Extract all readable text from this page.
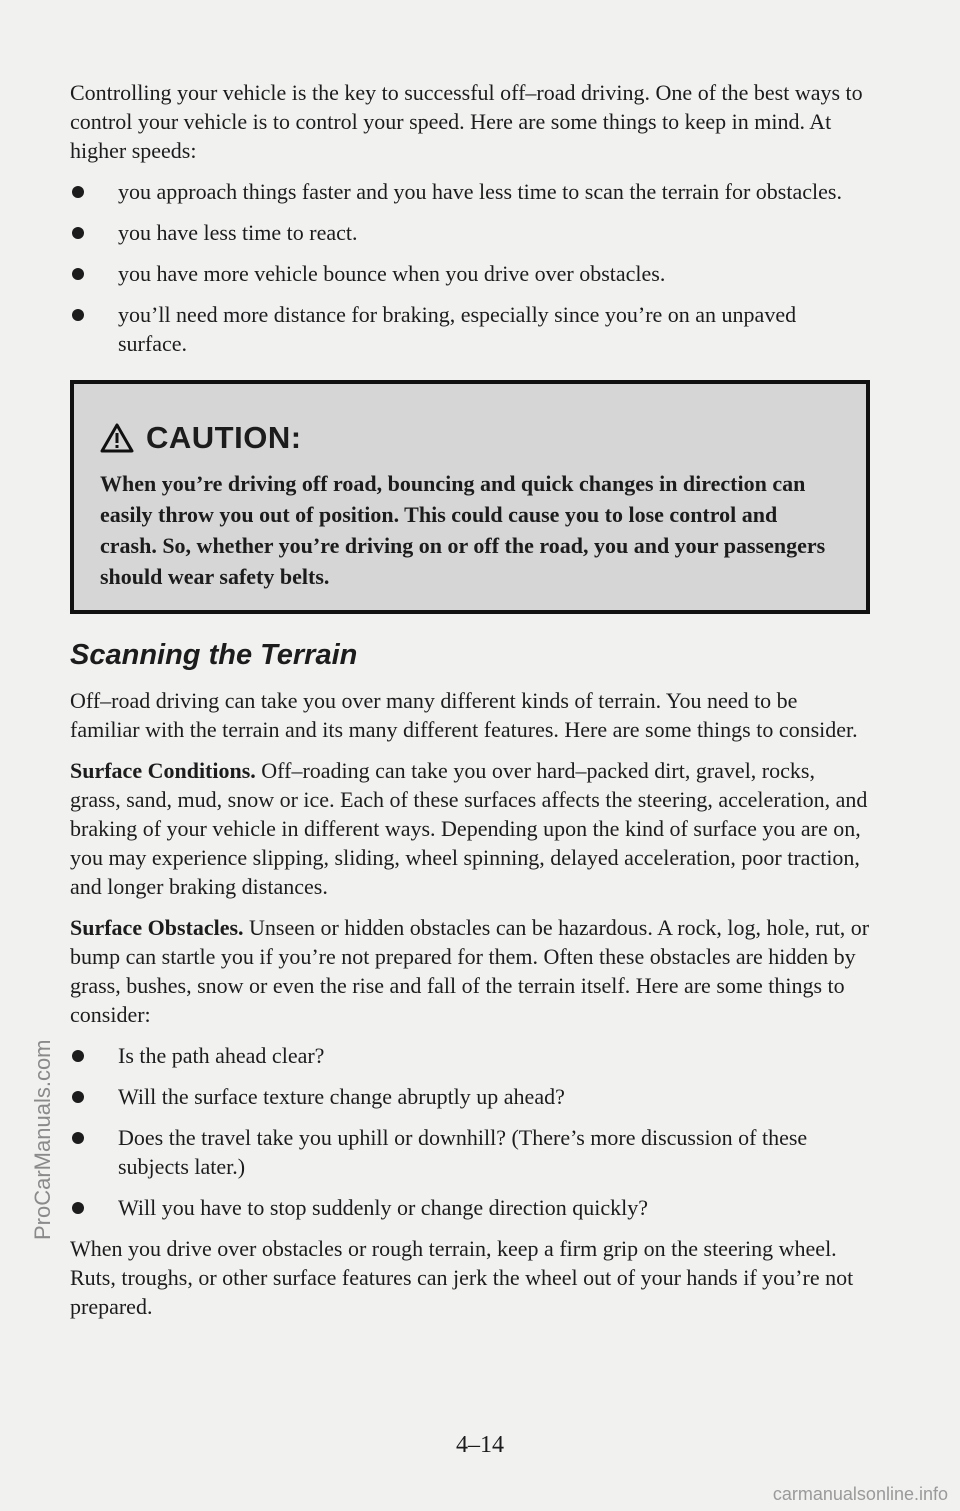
ProCarManuals.com

Controlling your vehicle is the key to successful off–road driving. One of the best ways to control your vehicle is to control your speed. Here are some things to keep in mind. At higher speeds:

you approach things faster and you have less time to scan the terrain for obstacles.
you have less time to react.
you have more vehicle bounce when you drive over obstacles.
you’ll need more distance for braking, especially since you’re on an unpaved surface.
CAUTION:
When you’re driving off road, bouncing and quick changes in direction can easily throw you out of position. This could cause you to lose control and crash. So, whether you’re driving on or off the road, you and your passengers should wear safety belts.
Scanning the Terrain

Off–road driving can take you over many different kinds of terrain. You need to be familiar with the terrain and its many different features. Here are some things to consider.

Surface Conditions. Off–roading can take you over hard–packed dirt, gravel, rocks, grass, sand, mud, snow or ice. Each of these surfaces affects the steering, acceleration, and braking of your vehicle in different ways. Depending upon the kind of surface you are on, you may experience slipping, sliding, wheel spinning, delayed acceleration, poor traction, and longer braking distances.

Surface Obstacles. Unseen or hidden obstacles can be hazardous. A rock, log, hole, rut, or bump can startle you if you’re not prepared for them. Often these obstacles are hidden by grass, bushes, snow or even the rise and fall of the terrain itself. Here are some things to consider:

Is the path ahead clear?
Will the surface texture change abruptly up ahead?
Does the travel take you uphill or downhill? (There’s more discussion of these subjects later.)
Will you have to stop suddenly or change direction quickly?

When you drive over obstacles or rough terrain, keep a firm grip on the steering wheel. Ruts, troughs, or other surface features can jerk the wheel out of your hands if you’re not prepared.

4–14
carmanualsonline.info
